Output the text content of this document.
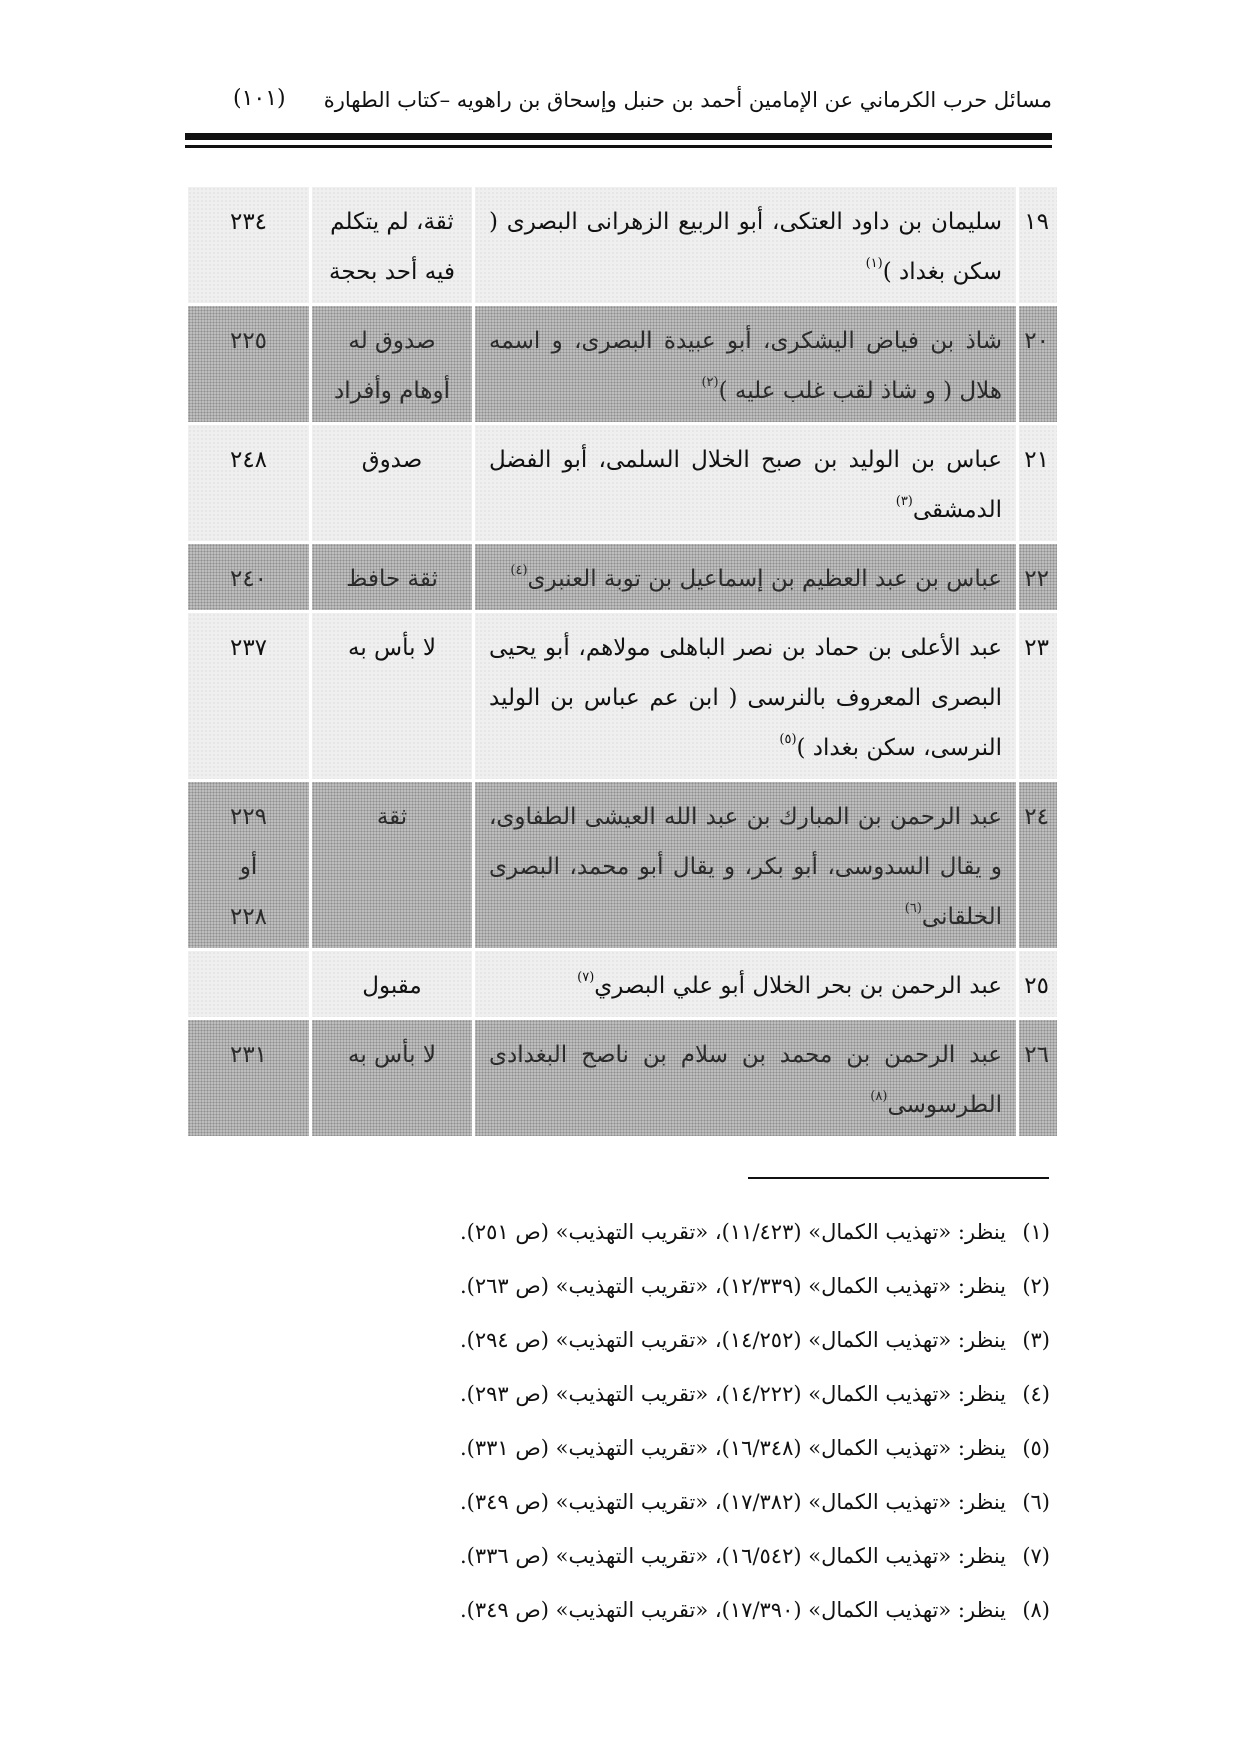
مسائل حرب الكرماني عن الإمامين أحمد بن حنبل وإسحاق بن راهويه –كتاب الطهارة
(١٠١)
١٩
سليمان بن داود العتكى، أبو الربيع الزهرانى البصرى ( سكن بغداد )$^{(١)}$
ثقة، لم يتكلم فيه أحد بحجة
٢٣٤
٢٠
شاذ بن فياض اليشكرى، أبو عبيدة البصرى، و اسمه هلال ( و شاذ لقب غلب عليه )$^{(٢)}$
صدوق له أوهام وأفراد
٢٢٥
٢١
عباس بن الوليد بن صبح الخلال السلمى، أبو الفضل الدمشقى$^{(٣)}$
صدوق
٢٤٨
٢٢
عباس بن عبد العظيم بن إسماعيل بن توبة العنبرى$^{(٤)}$
ثقة حافظ
٢٤٠
٢٣
عبد الأعلى بن حماد بن نصر الباهلى مولاهم، أبو يحيى البصرى المعروف بالنرسى ( ابن عم عباس بن الوليد النرسى، سكن بغداد )$^{(٥)}$
لا بأس به
٢٣٧
٢٤
عبد الرحمن بن المبارك بن عبد الله العيشى الطفاوى، و يقال السدوسى، أبو بكر، و يقال أبو محمد، البصرى الخلقانى$^{(٦)}$
ثقة
٢٢٩
أو
٢٢٨
٢٥
عبد الرحمن بن بحر الخلال أبو علي البصري$^{(٧)}$
مقبول
٢٦
عبد الرحمن بن محمد بن سلام بن ناصح البغدادى الطرسوسى$^{(٨)}$
لا بأس به
٢٣١
(١)ينظر: «تهذيب الكمال» (١١/٤٢٣)، «تقريب التهذيب» (ص ٢٥١).
(٢)ينظر: «تهذيب الكمال» (١٢/٣٣٩)، «تقريب التهذيب» (ص ٢٦٣).
(٣)ينظر: «تهذيب الكمال» (١٤/٢٥٢)، «تقريب التهذيب» (ص ٢٩٤).
(٤)ينظر: «تهذيب الكمال» (١٤/٢٢٢)، «تقريب التهذيب» (ص ٢٩٣).
(٥)ينظر: «تهذيب الكمال» (١٦/٣٤٨)، «تقريب التهذيب» (ص ٣٣١).
(٦)ينظر: «تهذيب الكمال» (١٧/٣٨٢)، «تقريب التهذيب» (ص ٣٤٩).
(٧)ينظر: «تهذيب الكمال» (١٦/٥٤٢)، «تقريب التهذيب» (ص ٣٣٦).
(٨)ينظر: «تهذيب الكمال» (١٧/٣٩٠)، «تقريب التهذيب» (ص ٣٤٩).
